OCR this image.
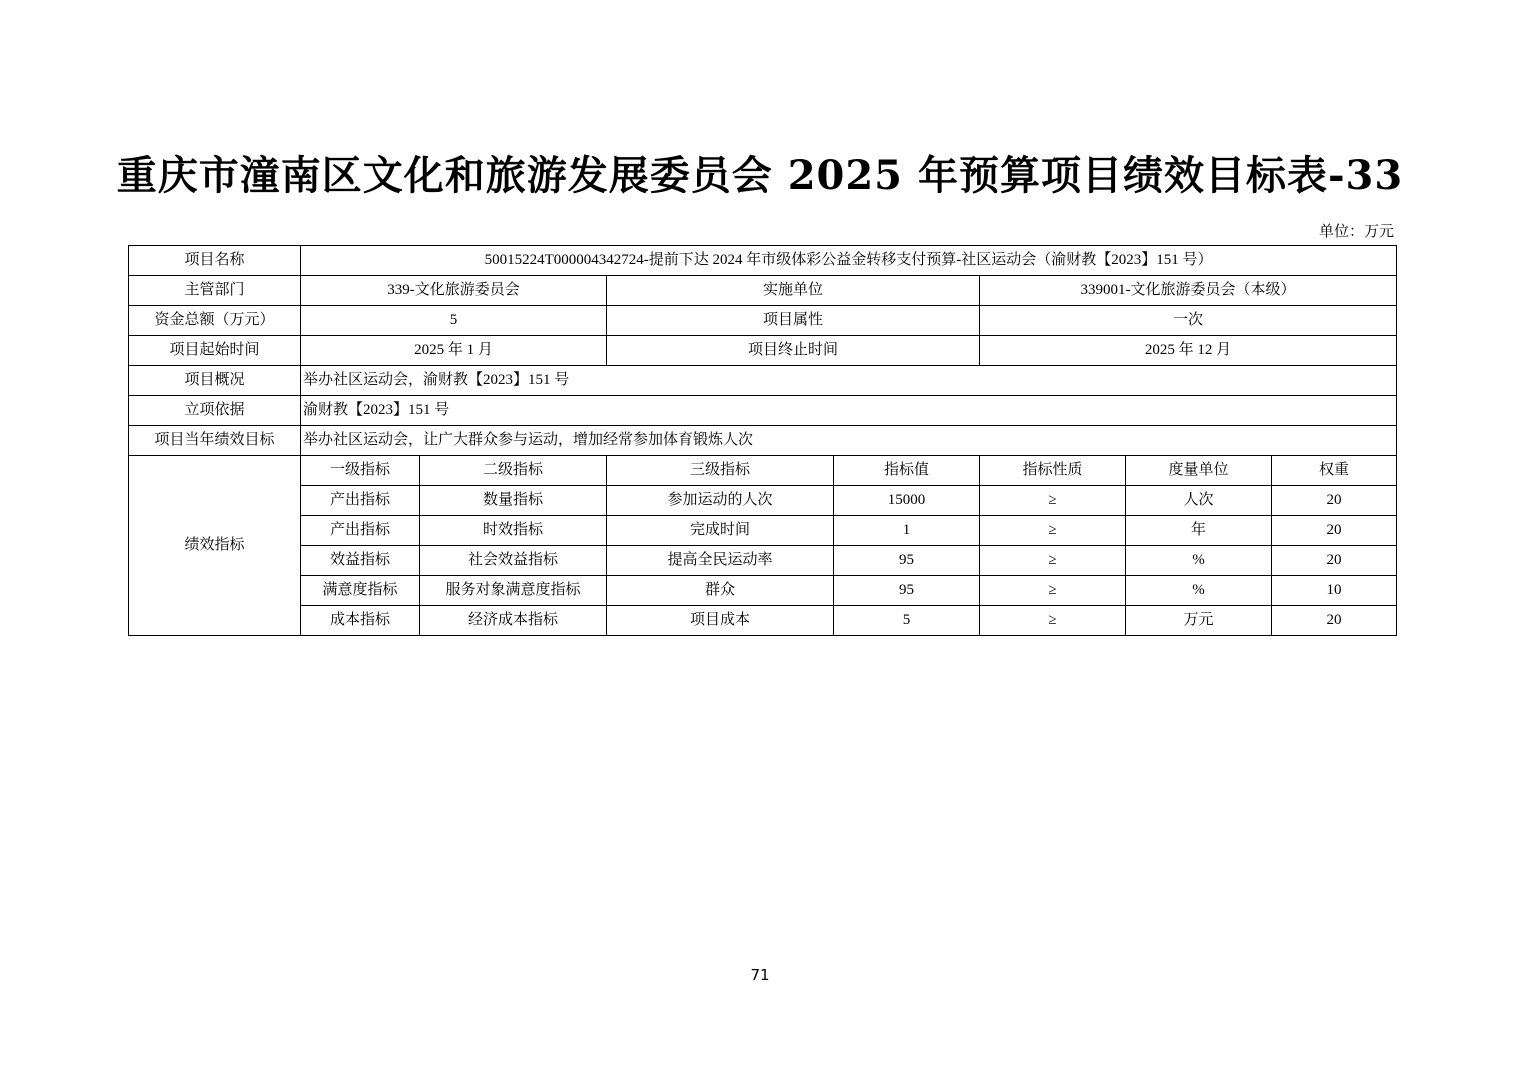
重庆市潼南区文化和旅游发展委员会 2025 年预算项目绩效目标表-33
单位：万元
项目名称	50015224T000004342724-提前下达 2024 年市级体彩公益金转移支付预算-社区运动会（渝财教【2023】151 号）						
主管部门	339-文化旅游委员会		实施单位		339001-文化旅游委员会（本级）		
资金总额（万元）	5		项目属性		一次		
项目起始时间	2025 年 1 月		项目终止时间		2025 年 12 月		
项目概况	举办社区运动会，渝财教【2023】151 号						
立项依据	渝财教【2023】151 号						
项目当年绩效目标	举办社区运动会，让广大群众参与运动，增加经常参加体育锻炼人次						
绩效指标	一级指标	二级指标	三级指标	指标值	指标性质	度量单位	权重
	产出指标	数量指标	参加运动的人次	15000	≥	人次	20
	产出指标	时效指标	完成时间	1	≥	年	20
	效益指标	社会效益指标	提高全民运动率	95	≥	%	20
	满意度指标	服务对象满意度指标	群众	95	≥	%	10
	成本指标	经济成本指标	项目成本	5	≥	万元	20
71
